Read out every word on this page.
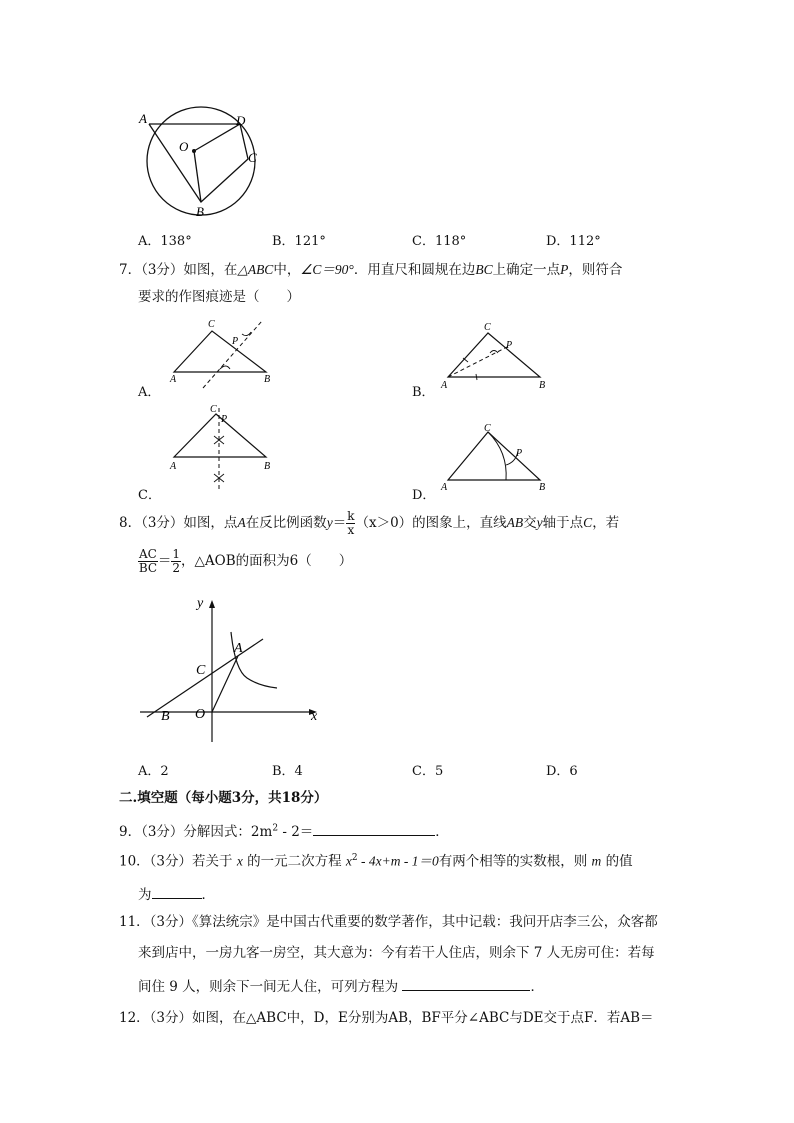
A	D
C
O
B
A．138°	B．121°	C．118°	D．112°
7．（3分）如图，在△ABC中，∠C＝90°．用直尺和圆规在边BC上确定一点P，则符合
要求的作图痕迹是（　　）
C
P
A	B
A．
C
P
A	B
B．
C
P
A	B
C．
C
P
A	B
D．
8．（3分）如图，点A在反比例函数$y= \frac{k}{x} (x>0)$的图象上，直线AB交y轴于点C，若
$\frac{AC}{BC} = \frac{1}{2}$ ，△AOB的面积为6（　　）
y
x
O
A
B
C
A．2	B．4	C．5	D．6
二.填空题（每小题3分，共18分）
9．（3分）分解因式：$2m^2 - 2=$	．
10．（3分）若关于 x 的一元二次方程 $x^2 - 4x+m - 1=0$有两个相等的实数根，则 m 的值
为	．
11．（3分）《算法统宗》是中国古代重要的数学著作，其中记载：我问开店李三公，众客都
来到店中，一房九客一房空，其大意为：今有若干人住店，则余下 7 人无房可住：若每
间住 9 人，则余下一间无人住，可列方程为	．
12．（3分）如图，在△ABC中，D，E分别为AB，BF平分∠ABC与DE交于点F．若AB＝
